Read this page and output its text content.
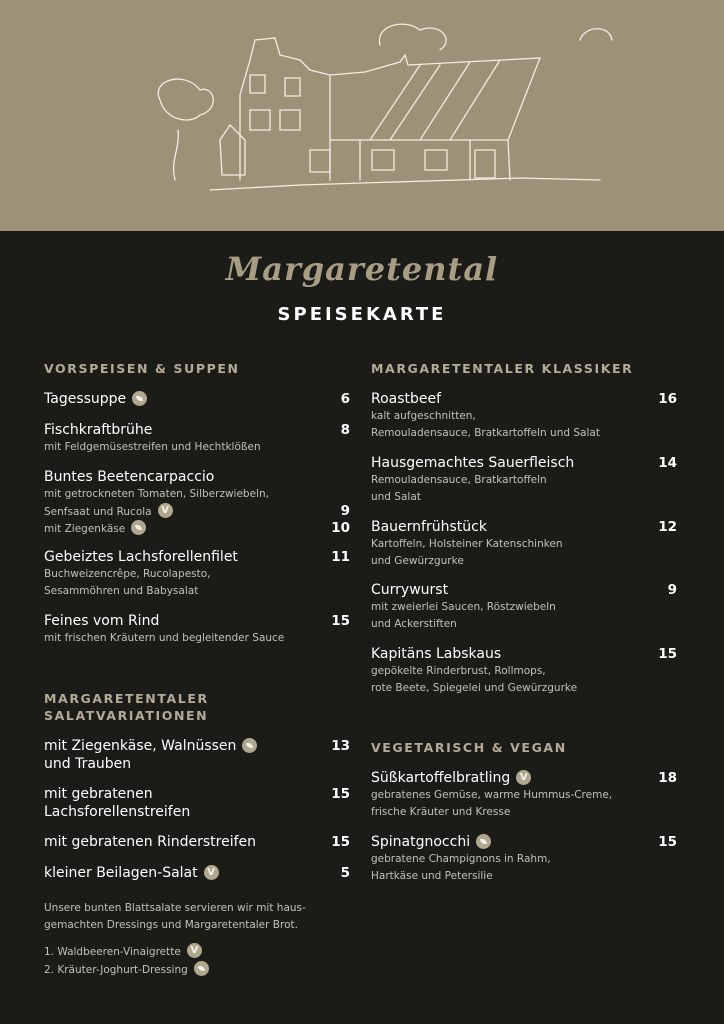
Margaretental
SPEISEKARTE
VORSPEISEN & SUPPEN
Tagessuppe	6
Fischkraftbrühe	8
mit Feldgemüsestreifen und Hechtklößen
Buntes Beetencarpaccio
mit getrockneten Tomaten, Silberzwiebeln,
Senfsaat und Rucola V	9
mit Ziegenkäse	10
Gebeiztes Lachsforellenfilet	11
Buchweizencrêpe, Rucolapesto,
Sesammöhren und Babysalat
Feines vom Rind	15
mit frischen Kräutern und begleitender Sauce
MARGARETENTALER
SALATVARIATIONEN
mit Ziegenkäse, Walnüssen
und Trauben
13
mit gebratenen
Lachsforellenstreifen
15
mit gebratenen Rinderstreifen	15
kleiner Beilagen-Salat V	5
Unsere bunten Blattsalate servieren wir mit haus-
gemachten Dressings und Margaretentaler Brot.
1. Waldbeeren-VinaigretteV
2. Kräuter-Joghurt-Dressing
MARGARETENTALER KLASSIKER
Roastbeef	16
kalt aufgeschnitten,
Remouladensauce, Bratkartoffeln und Salat
Hausgemachtes Sauerfleisch	14
Remouladensauce, Bratkartoffeln
und Salat
Bauernfrühstück	12
Kartoffeln, Holsteiner Katenschinken
und Gewürzgurke
Currywurst	9
mit zweierlei Saucen, Röstzwiebeln
und Ackerstiften
Kapitäns Labskaus	15
gepökelte Rinderbrust, Rollmops,
rote Beete, Spiegelei und Gewürzgurke
VEGETARISCH & VEGAN
Süßkartoffelbratling V	18
gebratenes Gemüse, warme Hummus-Creme,
frische Kräuter und Kresse
Spinatgnocchi	15
gebratene Champignons in Rahm,
Hartkäse und Petersilie
